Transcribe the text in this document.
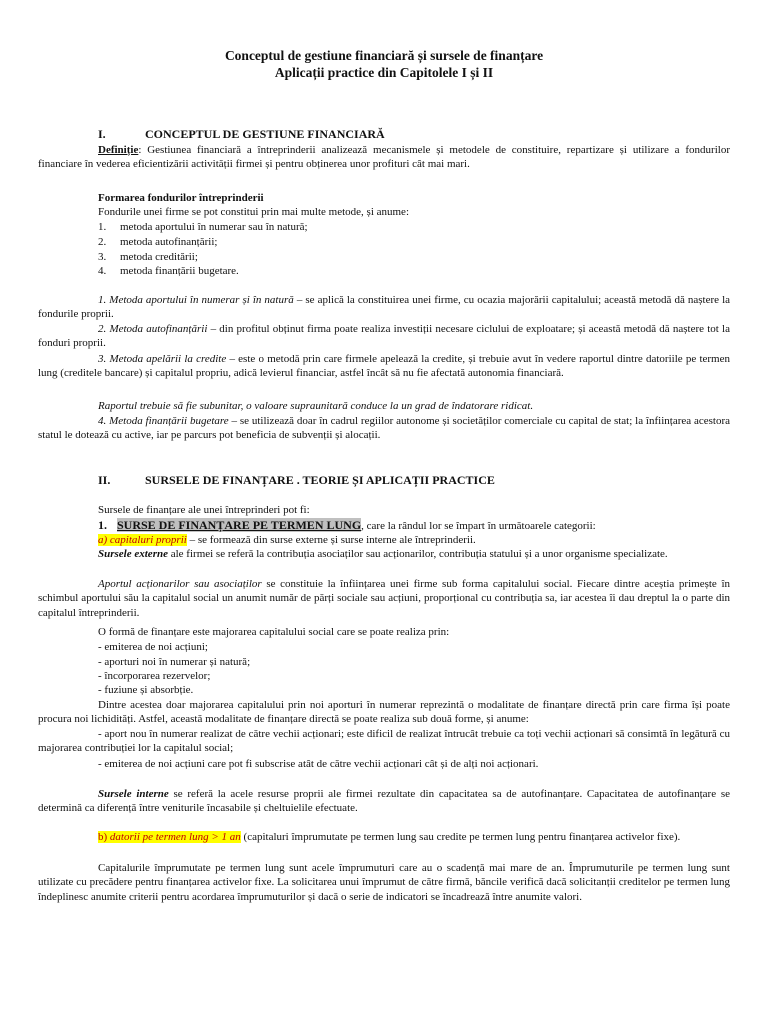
Conceptul de gestiune financiară și sursele de finanțare
Aplicații practice din Capitolele I și II
I.	CONCEPTUL DE GESTIUNE FINANCIARĂ
Definiție: Gestiunea financiară a întreprinderii analizează mecanismele și metodele de constituire, repartizare și utilizare a fondurilor financiare în vederea eficientizării activității firmei și pentru obținerea unor profituri cât mai mari.
Formarea fondurilor întreprinderii
Fondurile unei firme se pot constitui prin mai multe metode, și anume:
1. metoda aportului în numerar sau în natură;
2. metoda autofinanțării;
3. metoda creditării;
4. metoda finanțării bugetare.
1. Metoda aportului în numerar și în natură – se aplică la constituirea unei firme, cu ocazia majorării capitalului; această metodă dă naștere la fondurile proprii.
2. Metoda autofinanțării – din profitul obținut firma poate realiza investiții necesare ciclului de exploatare; și această metodă dă naștere tot la fonduri proprii.
3. Metoda apelării la credite – este o metodă prin care firmele apelează la credite, și trebuie avut în vedere raportul dintre datoriile pe termen lung (creditele bancare) și capitalul propriu, adică levierul financiar, astfel încât să nu fie afectată autonomia financiară.
Raportul trebuie să fie subunitar, o valoare supraunitară conduce la un grad de îndatorare ridicat.
4. Metoda finanțării bugetare – se utilizează doar în cadrul regiilor autonome și societăților comerciale cu capital de stat; la înființarea acestora statul le dotează cu active, iar pe parcurs pot beneficia de subvenții și alocații.
II.	SURSELE DE FINANȚARE . TEORIE ȘI APLICAȚII PRACTICE
Sursele de finanțare ale unei întreprinderi pot fi:
1. SURSE DE FINANȚARE PE TERMEN LUNG, care la rândul lor se împart în următoarele categorii:
a) capitaluri proprii – se formează din surse externe și surse interne ale întreprinderii.
Sursele externe ale firmei se referă la contribuția asociaților sau acționarilor, contribuția statului și a unor organisme specializate.
Aportul acționarilor sau asociaților se constituie la înființarea unei firme sub forma capitalului social. Fiecare dintre aceștia primește în schimbul aportului său la capitalul social un anumit număr de părți sociale sau acțiuni, proporțional cu contribuția sa, iar acestea îi dau dreptul la o parte din capitalul întreprinderii.
O formă de finanțare este majorarea capitalului social care se poate realiza prin:
- emiterea de noi acțiuni;
- aporturi noi în numerar și natură;
- încorporarea rezervelor;
- fuziune și absorbție.
Dintre acestea doar majorarea capitalului prin noi aporturi în numerar reprezintă o modalitate de finanțare directă prin care firma își poate procura noi lichidități. Astfel, această modalitate de finanțare directă se poate realiza sub două forme, și anume:
- aport nou în numerar realizat de către vechii acționari; este dificil de realizat întrucât trebuie ca toți vechii acționari să consimtă în legătură cu majorarea contribuției lor la capitalul social;
- emiterea de noi acțiuni care pot fi subscrise atât de către vechii acționari cât și de alți noi acționari.
Sursele interne se referă la acele resurse proprii ale firmei rezultate din capacitatea sa de autofinanțare. Capacitatea de autofinanțare se determină ca diferență între veniturile încasabile și cheltuielile efectuate.
b) datorii pe termen lung > 1 an (capitaluri împrumutate pe termen lung sau credite pe termen lung pentru finanțarea activelor fixe).
Capitalurile împrumutate pe termen lung sunt acele împrumuturi care au o scadență mai mare de an. Împrumuturile pe termen lung sunt utilizate cu precădere pentru finanțarea activelor fixe. La solicitarea unui împrumut de către firmă, băncile verifică dacă solicitanții creditelor pe termen lung îndeplinesc anumite criterii pentru acordarea împrumuturilor și dacă o serie de indicatori se încadrează între anumite valori.
